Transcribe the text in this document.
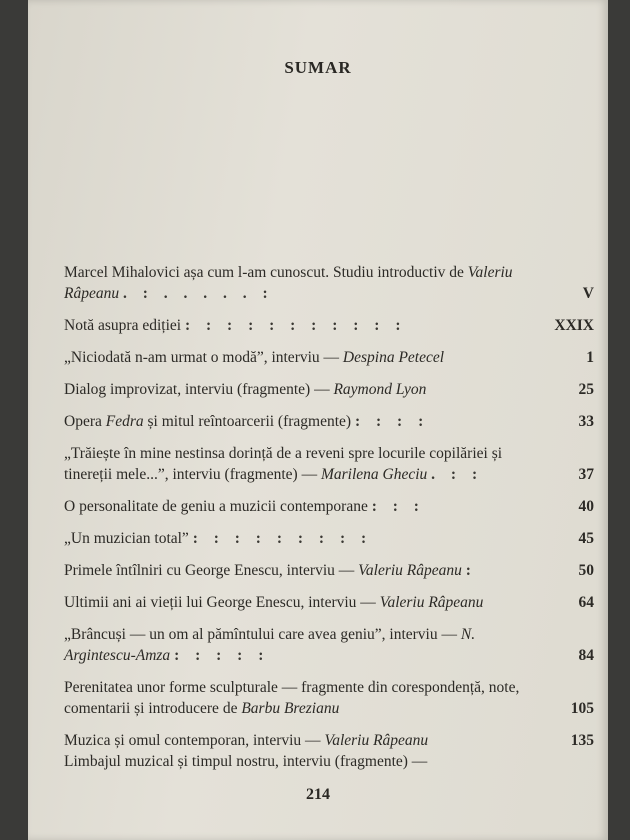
SUMAR
Marcel Mihalovici așa cum l-am cunoscut. Studiu introductiv de Valeriu Râpeanu . : . . . . . :	V
Notă asupra ediției : : : : : : : : : : :	XXIX
„Niciodată n-am urmat o modă”, interviu — Despina Petecel	1
Dialog improvizat, interviu (fragmente) — Raymond Lyon	25
Opera Fedra și mitul reîntoarcerii (fragmente) : : : :	33
„Trăiește în mine nestinsa dorință de a reveni spre locurile copilăriei și tinereții mele...”, interviu (fragmente) — Marilena Gheciu . : :	37
O personalitate de geniu a muzicii contemporane : : :	40
„Un muzician total” : : : : : : : : :	45
Primele întîlniri cu George Enescu, interviu — Valeriu Râpeanu :	50
Ultimii ani ai vieții lui George Enescu, interviu — Valeriu Râpeanu	64
„Brâncuși — un om al pămîntului care avea geniu”, interviu — N. Argintescu-Amza : : : : :	84
Perenitatea unor forme sculpturale — fragmente din corespondență, note, comentarii și introducere de Barbu Brezianu	105
Muzica și omul contemporan, interviu — Valeriu Râpeanu	135
Limbajul muzical și timpul nostru, interviu (fragmente) —
214
